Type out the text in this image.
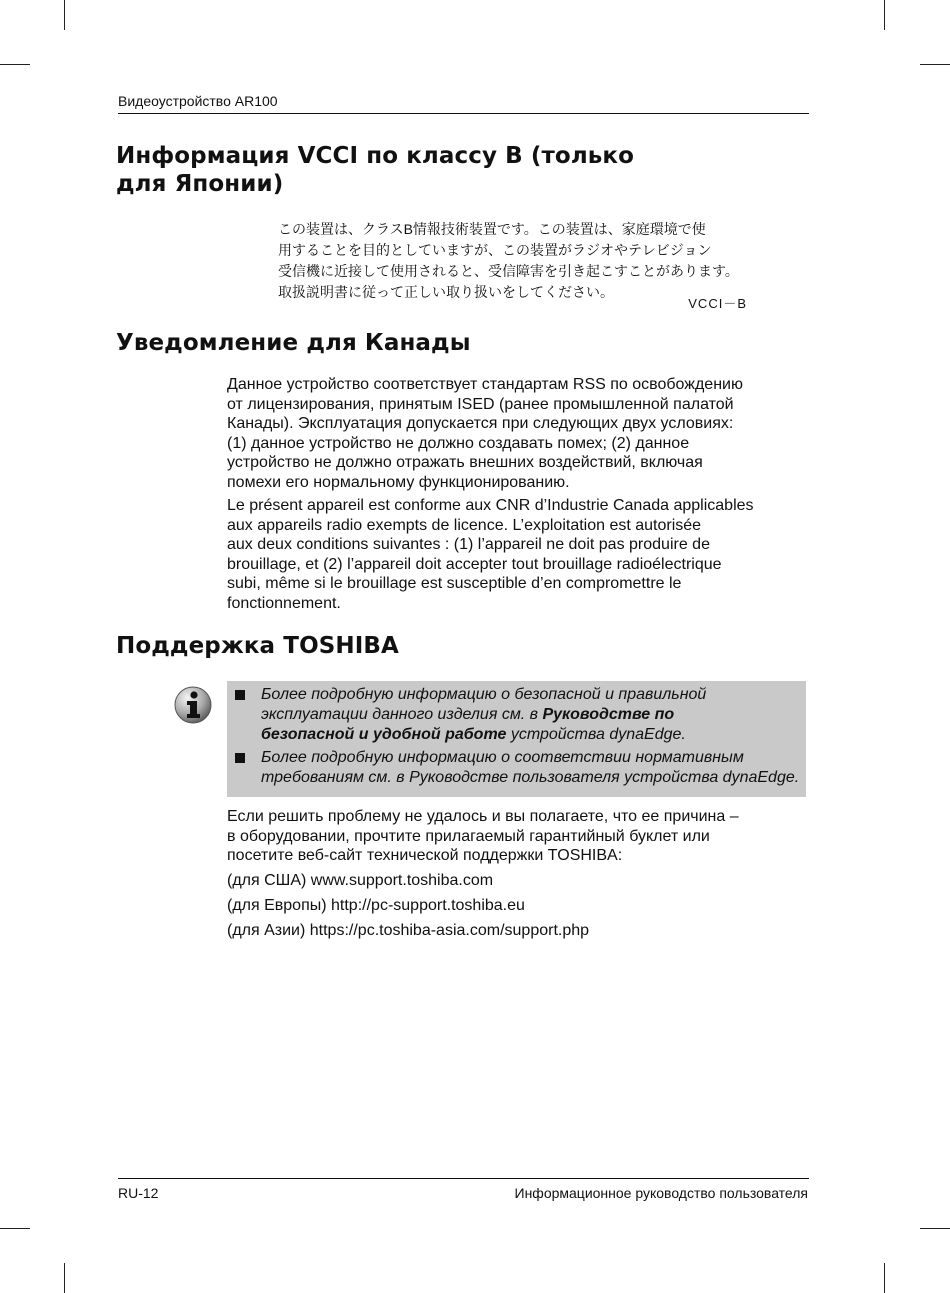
Видеоустройство AR100
Информация VCCI по классу В (только
для Японии)
この装置は、クラスB情報技術装置です。この装置は、家庭環境で使
用することを目的としていますが、この装置がラジオやテレビジョン
受信機に近接して使用されると、受信障害を引き起こすことがあります。
取扱説明書に従って正しい取り扱いをしてください。
VCCI－B
Уведомление для Канады
Данное устройство соответствует стандартам RSS по освобождению
от лицензирования, принятым ISED (ранее промышленной палатой
Канады). Эксплуатация допускается при следующих двух условиях:
(1) данное устройство не должно создавать помех; (2) данное
устройство не должно отражать внешних воздействий, включая
помехи его нормальному функционированию.
Le présent appareil est conforme aux CNR d’Industrie Canada applicables
aux appareils radio exempts de licence. L’exploitation est autorisée
aux deux conditions suivantes : (1) l’appareil ne doit pas produire de
brouillage, et (2) l’appareil doit accepter tout brouillage radioélectrique
subi, même si le brouillage est susceptible d’en compromettre le
fonctionnement.
Поддержка TOSHIBA
Более подробную информацию о безопасной и правильной
эксплуатации данного изделия см. в Руководстве по
безопасной и удобной работе устройства dynaEdge.
Более подробную информацию о соответствии нормативным
требованиям см. в Руководстве пользователя устройства dynaEdge.
Если решить проблему не удалось и вы полагаете, что ее причина –
в оборудовании, прочтите прилагаемый гарантийный буклет или
посетите веб-сайт технической поддержки TOSHIBA:
(для США) www.support.toshiba.com
(для Европы) http://pc-support.toshiba.eu
(для Азии) https://pc.toshiba-asia.com/support.php
RU-12	Информационное руководство пользователя
